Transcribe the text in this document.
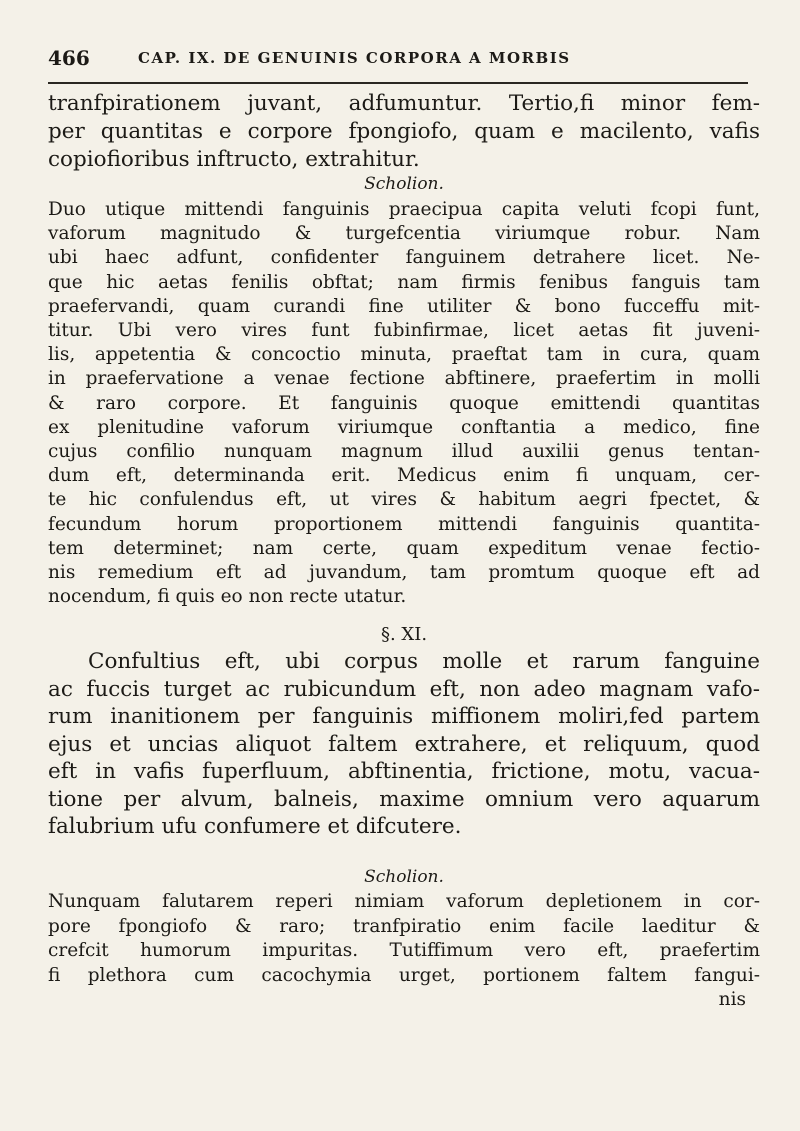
466	CAP. IX. DE GENUINIS CORPORA A MORBIS
tranfpirationem juvant, adfumuntur. Tertio,fi minor fem-
per quantitas e corpore fpongiofo, quam e macilento, vafis
copiofioribus inftructo, extrahitur.
Scholion.
Duo utique mittendi fanguinis praecipua capita veluti fcopi funt,
vaforum magnitudo & turgefcentia viriumque robur. Nam
ubi haec adfunt, confidenter fanguinem detrahere licet. Ne-
que hic aetas fenilis obftat; nam firmis fenibus fanguis tam
praefervandi, quam curandi fine utiliter & bono fucceffu mit-
titur. Ubi vero vires funt fubinfirmae, licet aetas fit juveni-
lis, appetentia & concoctio minuta, praeftat tam in cura, quam
in praefervatione a venae fectione abftinere, praefertim in molli
& raro corpore. Et fanguinis quoque emittendi quantitas
ex plenitudine vaforum viriumque conftantia a medico, fine
cujus confilio nunquam magnum illud auxilii genus tentan-
dum eft, determinanda erit. Medicus enim fi unquam, cer-
te hic confulendus eft, ut vires & habitum aegri fpectet, &
fecundum horum proportionem mittendi fanguinis quantita-
tem determinet; nam certe, quam expeditum venae fectio-
nis remedium eft ad juvandum, tam promtum quoque eft ad
nocendum, fi quis eo non recte utatur.
§. XI.
Confultius eft, ubi corpus molle et rarum fanguine
ac fuccis turget ac rubicundum eft, non adeo magnam vafo-
rum inanitionem per fanguinis miffionem moliri,fed partem
ejus et uncias aliquot faltem extrahere, et reliquum, quod
eft in vafis fuperfluum, abftinentia, frictione, motu, vacua-
tione per alvum, balneis, maxime omnium vero aquarum
falubrium ufu confumere et difcutere.
Scholion.
Nunquam falutarem reperi nimiam vaforum depletionem in cor-
pore fpongiofo & raro; tranfpiratio enim facile laeditur &
crefcit humorum impuritas. Tutiffimum vero eft, praefertim
fi plethora cum cacochymia urget, portionem faltem fangui-
nis
